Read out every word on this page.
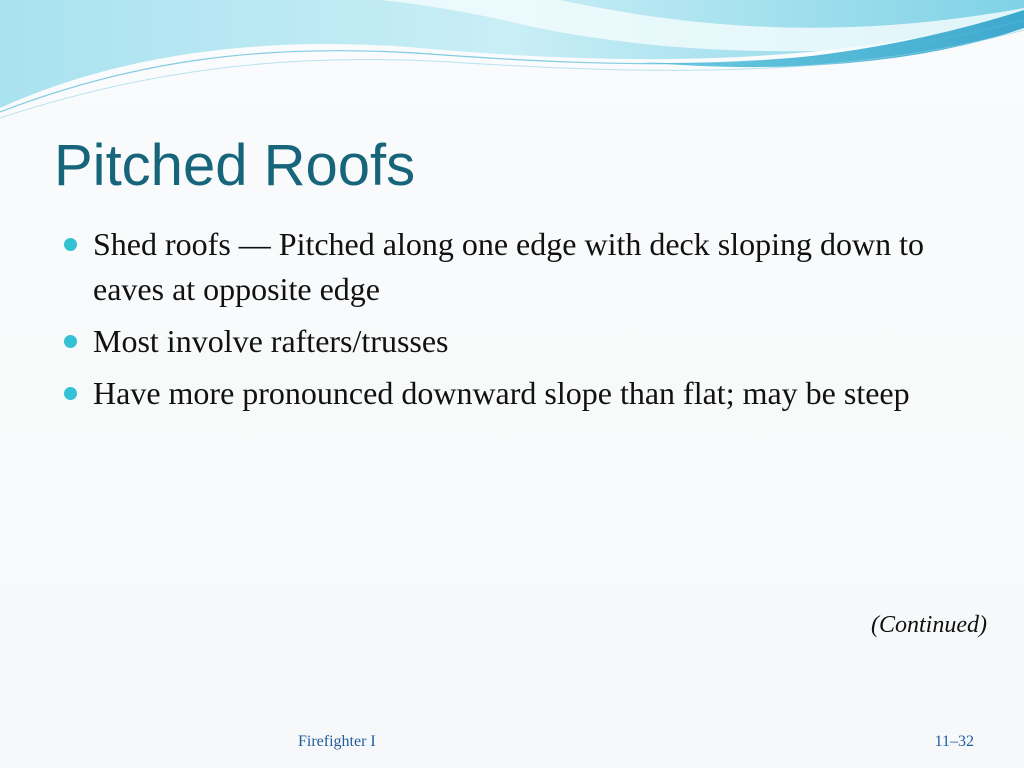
Pitched Roofs
Shed roofs — Pitched along one edge with deck sloping down to eaves at opposite edge
Most involve rafters/trusses
Have more pronounced downward slope than flat; may be steep
(Continued)
Firefighter I	11–32
